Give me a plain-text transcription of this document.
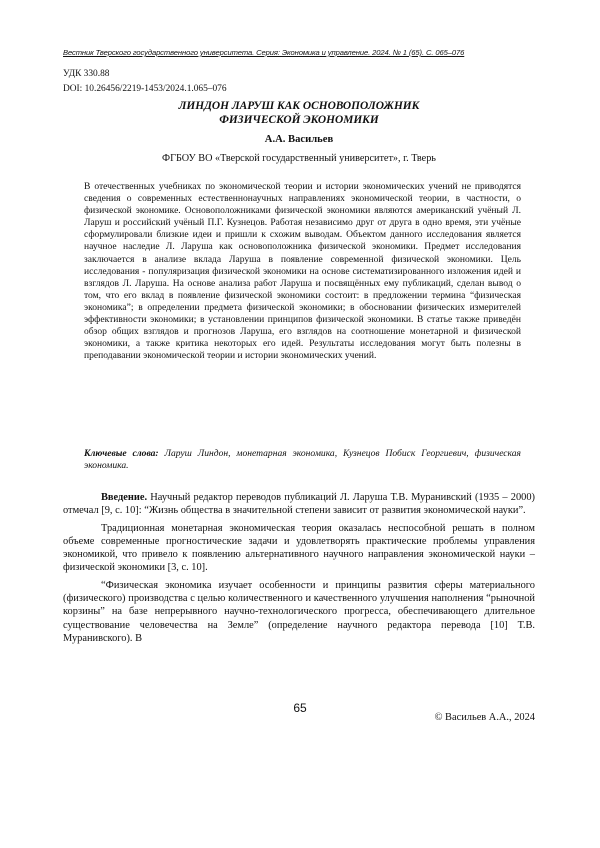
Вестник Тверского государственного университета. Серия: Экономика и управление. 2024. № 1 (65). С. 065–076
УДК 330.88
DOI: 10.26456/2219-1453/2024.1.065–076
ЛИНДОН ЛАРУШ КАК ОСНОВОПОЛОЖНИК
ФИЗИЧЕСКОЙ ЭКОНОМИКИ
А.А. Васильев
ФГБОУ ВО «Тверской государственный университет», г. Тверь

В отечественных учебниках по экономической теории и истории экономических учений не приводятся сведения о современных естественнонаучных направлениях экономической теории, в частности, о физической экономике. Основоположниками физической экономики являются американский учёный Л. Ларуш и российский учёный П.Г. Кузнецов. Работая независимо друг от друга в одно время, эти учёные сформулировали близкие идеи и пришли к схожим выводам. Объектом данного исследования является научное наследие Л. Ларуша как основоположника физической экономики. Предмет исследования заключается в анализе вклада Ларуша в появление современной физической экономики. Цель исследования - популяризация физической экономики на основе систематизированного изложения идей и взглядов Л. Ларуша. На основе анализа работ Ларуша и посвящённых ему публикаций, сделан вывод о том, что его вклад в появление физической экономики состоит: в предложении термина “физическая экономика”; в определении предмета физической экономики; в обосновании физических измерителей эффективности экономики; в установлении принципов физической экономики. В статье также приведён обзор общих взглядов и прогнозов Ларуша, его взглядов на соотношение монетарной и физической экономики, а также критика некоторых его идей. Результаты исследования могут быть полезны в преподавании экономической теории и истории экономических учений.

Ключевые слова: Ларуш Линдон, монетарная экономика, Кузнецов Побиск Георгиевич, физическая экономика.

Введение. Научный редактор переводов публикаций Л. Ларуша Т.В. Муранивский (1935 – 2000) отмечал [9, с. 10]: “Жизнь общества в значительной степени зависит от развития экономической науки”.

Традиционная монетарная экономическая теория оказалась неспособной решать в полном объеме современные прогностические задачи и удовлетворять практические проблемы управления экономикой, что привело к появлению альтернативного научного направления экономической науки – физической экономики [3, с. 10].

“Физическая экономика изучает особенности и принципы развития сферы материального (физического) производства с целью количественного и качественного улучшения наполнения “рыночной корзины” на базе непрерывного научно-технологического прогресса, обеспечивающего длительное существование человечества на Земле” (определение научного редактора перевода [10] Т.В. Муранивского). В

65
© Васильев А.А., 2024
